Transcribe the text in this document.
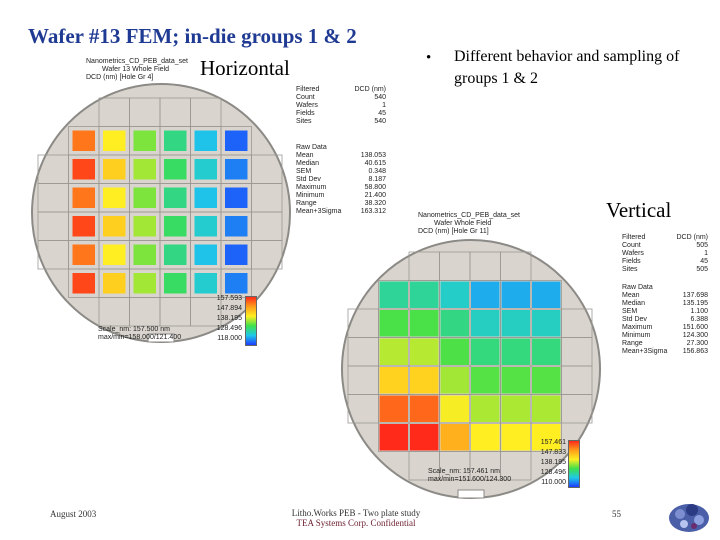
Wafer #13 FEM; in-die groups 1 & 2
Horizontal	• Different behavior and sampling of groups 1 & 2
Vertical
Nanometrics_CD_PEB_data_set
Wafer 13 Whole Field
DCD (nm) [Hole Gr 4]
Filtered	DCD (nm)
Count	540
Wafers	1
Fields	45
Sites	540
Raw Data
Mean	138.053
Median	40.615
SEM	0.348
Std Dev	8.187
Maximum	58.800
Minimum	21.400
Range	38.320
Mean+3Sigma	163.312
157.593
147.894
138.195
128.496
118.000
Scale_nm: 157.500 nm
max/min=158.000/121.400
Nanometrics_CD_PEB_data_set
Wafer Whole Field
DCD (nm) [Hole Gr 11]
Filtered	DCD (nm)
Count	505
Wafers	1
Fields	45
Sites	505
Raw Data
Mean	137.698
Median	135.195
SEM	1.100
Std Dev	6.388
Maximum	151.600
Minimum	124.300
Range	27.300
Mean+3Sigma 156.863
157.461
147.833
138.195
128.496
110.000
Scale_nm: 157.461 nm
max/min=151.600/124.300
August 2003	Litho.Works PEB - Two plate study
TEA Systems Corp. Confidential
55
